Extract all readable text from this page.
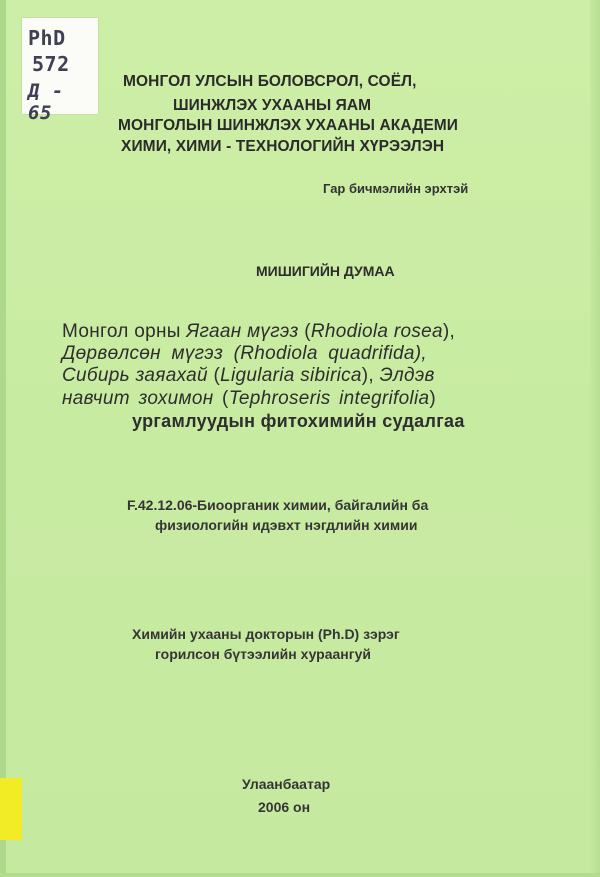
PhD
572
Д - 65
МОНГОЛ УЛСЫН БОЛОВСРОЛ, СОЁЛ,
ШИНЖЛЭХ УХААНЫ ЯАМ
МОНГОЛЫН ШИНЖЛЭХ УХААНЫ АКАДЕМИ
ХИМИ, ХИМИ - ТЕХНОЛОГИЙН ХҮРЭЭЛЭН
Гар бичмэлийн эрхтэй
МИШИГИЙН ДУМАА
Монгол орны Ягаан мүгэз (Rhodiola rosea),
Дөрвөлсөн мүгэз (Rhodiola quadrifida),
Сибирь заяахай (Ligularia sibirica), Элдэв
навчит зохимон (Tephroseris integrifolia)
ургамлуудын фитохимийн судалгаа
F.42.12.06-Биоорганик химии, байгалийн ба
физиологийн идэвхт нэгдлийн химии
Химийн ухааны докторын (Ph.D) зэрэг
горилсон бүтээлийн хураангуй
Улаанбаатар
2006 он
